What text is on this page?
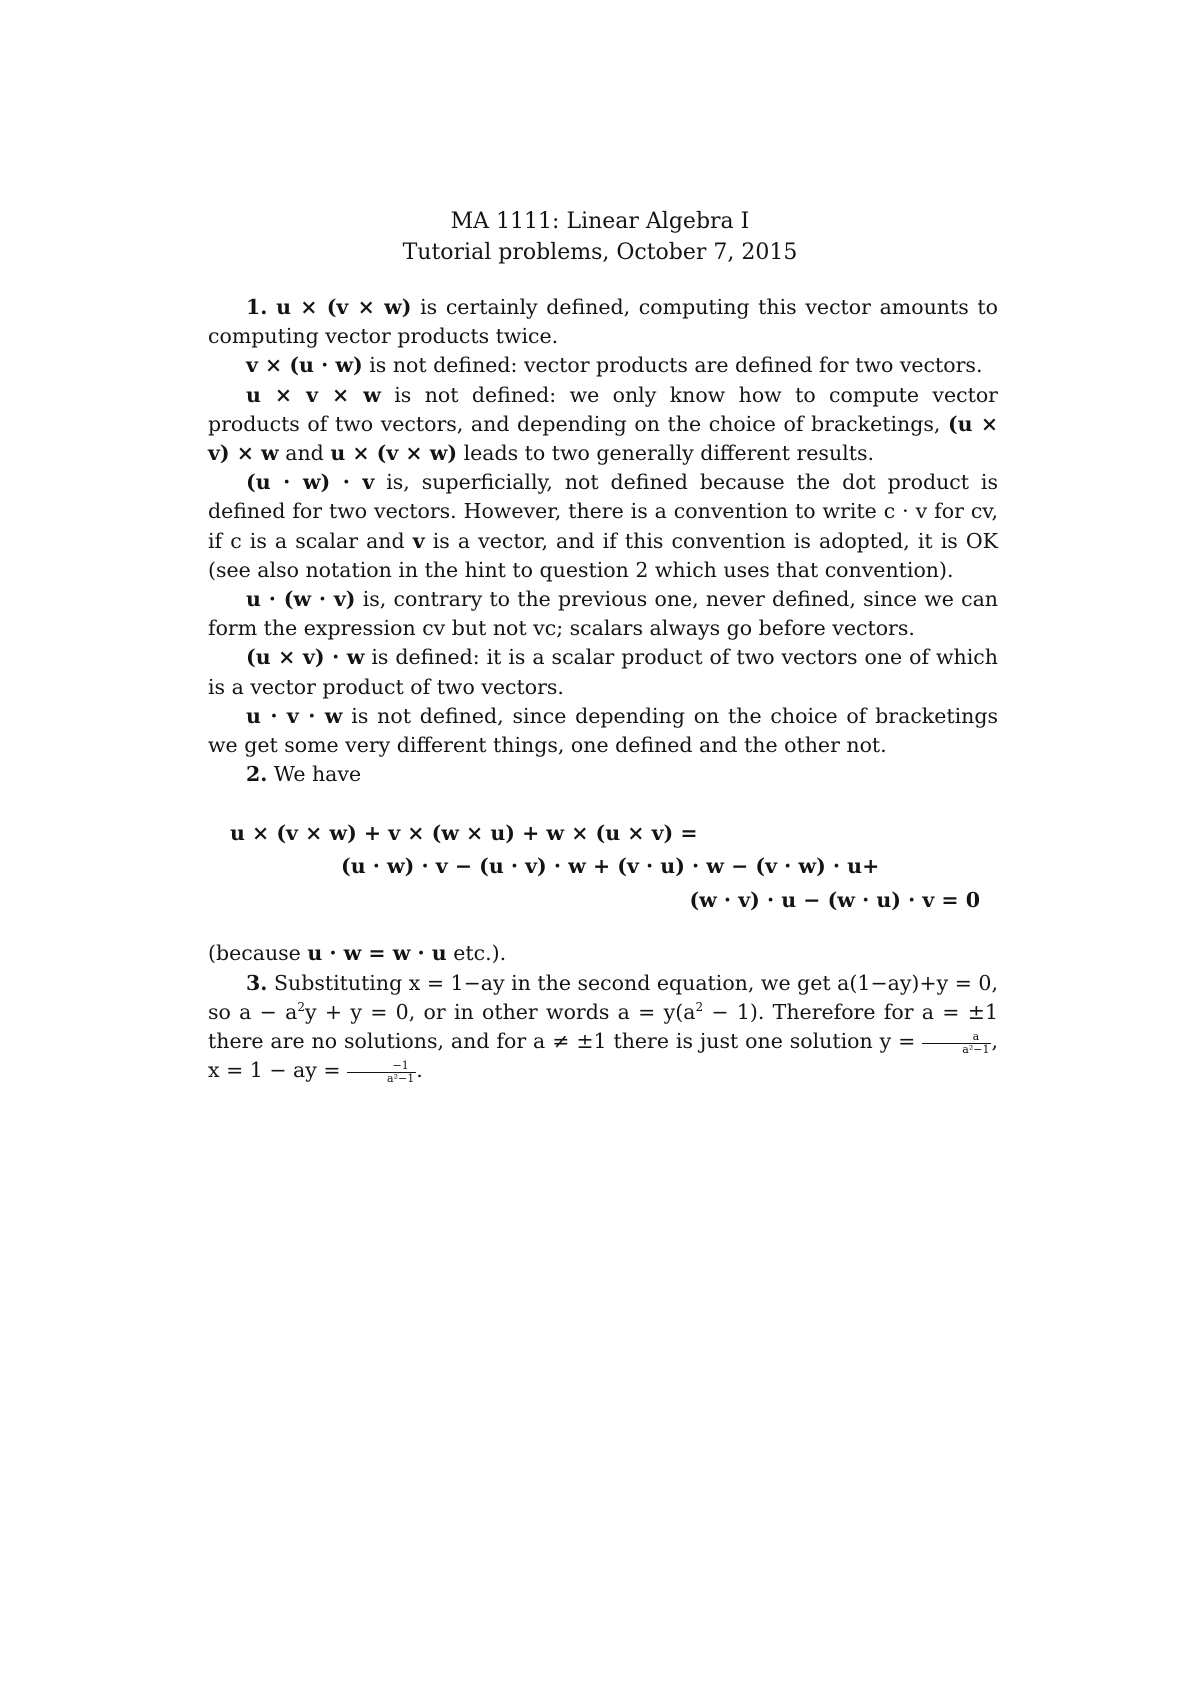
MA 1111: Linear Algebra I
Tutorial problems, October 7, 2015

1. u × (v × w) is certainly defined, computing this vector amounts to computing vector products twice.

v × (u · w) is not defined: vector products are defined for two vectors.

u × v × w is not defined: we only know how to compute vector products of two vectors, and depending on the choice of bracketings, (u × v) × w and u × (v × w) leads to two generally different results.

(u · w) · v is, superficially, not defined because the dot product is defined for two vectors. However, there is a convention to write c · v for cv, if c is a scalar and v is a vector, and if this convention is adopted, it is OK (see also notation in the hint to question 2 which uses that convention).

u · (w · v) is, contrary to the previous one, never defined, since we can form the expression cv but not vc; scalars always go before vectors.

(u × v) · w is defined: it is a scalar product of two vectors one of which is a vector product of two vectors.

u · v · w is not defined, since depending on the choice of bracketings we get some very different things, one defined and the other not.

2. We have

u × (v × w) + v × (w × u) + w × (u × v) =
(u · w) · v − (u · v) · w + (v · u) · w − (v · w) · u+
(w · v) · u − (w · u) · v = 0

(because u · w = w · u etc.).

3. Substituting x = 1−ay in the second equation, we get a(1−ay)+y = 0, so $a - a^2y + y = 0$, or in other words $a = y(a^2 - 1)$. Therefore for a = ±1 there are no solutions, and for a ≠ ±1 there is just one solution $y = \frac{a}{\text{a²−1}}$ , x = 1 − ay = $\frac{-1}{\text{a²−1}}$ .
